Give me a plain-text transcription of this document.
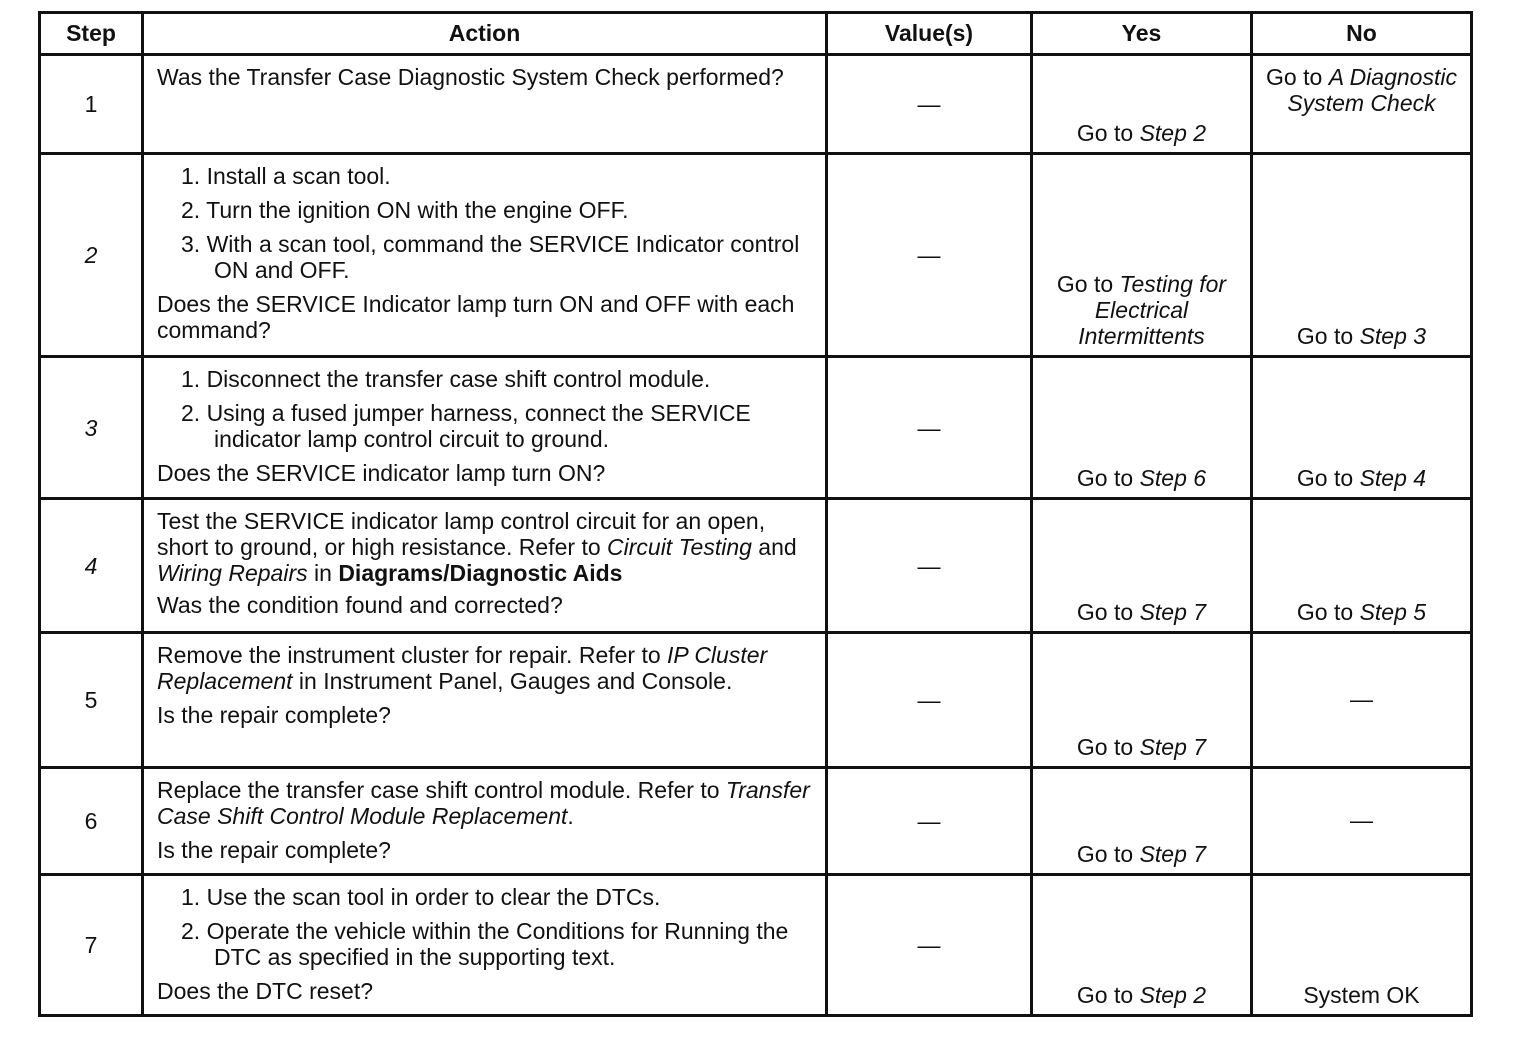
Step	Action	Value(s)	Yes	No
1	Was the Transfer Case Diagnostic System Check performed?	—	Go to Step 2	Go to A Diagnostic System Check
2	1. Install a scan tool.

2. Turn the ignition ON with the engine OFF.

3. With a scan tool, command the SERVICE Indicator control ON and OFF.

Does the SERVICE Indicator lamp turn ON and OFF with each command?	—	Go to Testing for Electrical Intermittents	Go to Step 3
3	1. Disconnect the transfer case shift control module.

2. Using a fused jumper harness, connect the SERVICE indicator lamp control circuit to ground.

Does the SERVICE indicator lamp turn ON?	—	Go to Step 6	Go to Step 4
4	Test the SERVICE indicator lamp control circuit for an open, short to ground, or high resistance. Refer to Circuit Testing and Wiring Repairs in Diagrams/Diagnostic Aids

Was the condition found and corrected?	—	Go to Step 7	Go to Step 5
5	Remove the instrument cluster for repair. Refer to IP Cluster Replacement in Instrument Panel, Gauges and Console.

Is the repair complete?	—	Go to Step 7	—
6	Replace the transfer case shift control module. Refer to Transfer Case Shift Control Module Replacement.

Is the repair complete?	—	Go to Step 7	—
7	1. Use the scan tool in order to clear the DTCs.

2. Operate the vehicle within the Conditions for Running the DTC as specified in the supporting text.

Does the DTC reset?	—	Go to Step 2	System OK
